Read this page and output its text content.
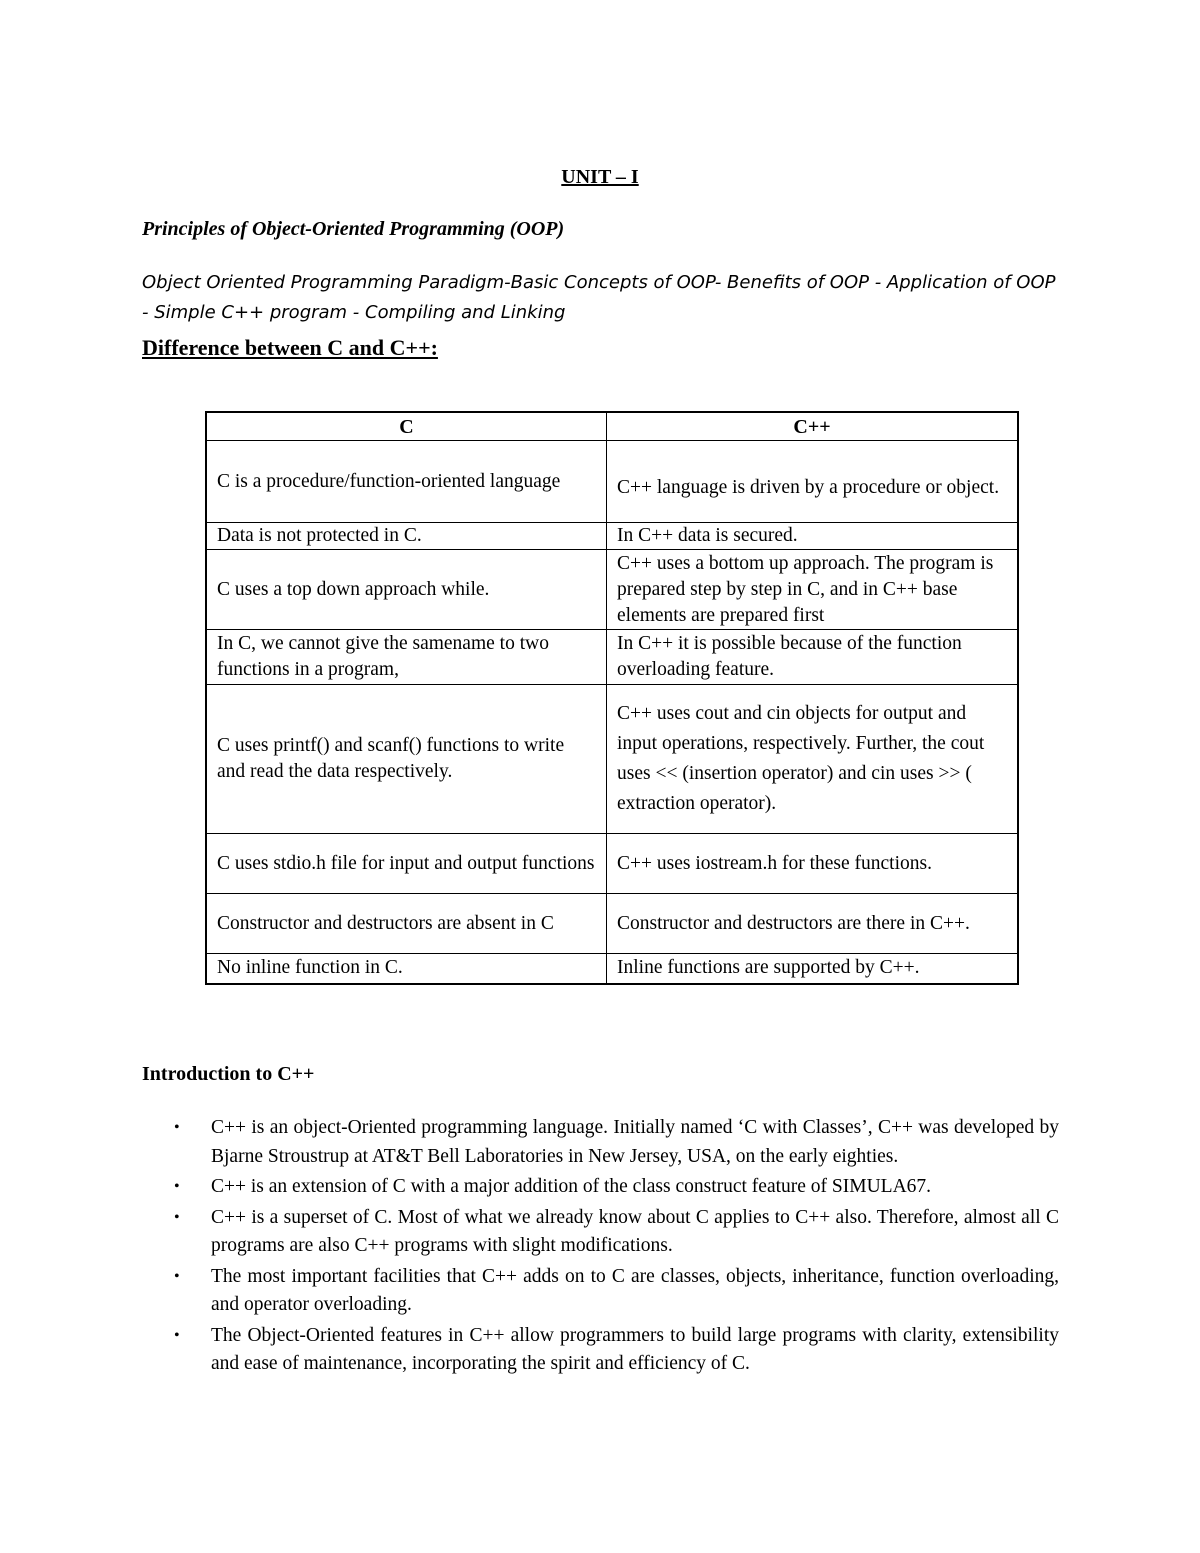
UNIT – I
Principles of Object-Oriented Programming (OOP)
Object Oriented Programming Paradigm-Basic Concepts of OOP- Benefits of OOP - Application of OOP
- Simple C++ program - Compiling and Linking
Difference between C and C++:
C	C++
C is a procedure/function-oriented language	C++ language is driven by a procedure or object.
Data is not protected in C.	In C++ data is secured.
C uses a top down approach while.	C++ uses a bottom up approach. The program is prepared step by step in C, and in C++ base elements are prepared first
In C, we cannot give the samename to two functions in a program,	In C++ it is possible because of the function overloading feature.
C uses printf() and scanf() functions to write and read the data respectively.	C++ uses cout and cin objects for output and input operations, respectively. Further, the cout uses << (insertion operator) and cin uses >> ( extraction operator).
C uses stdio.h file for input and output functions	C++ uses iostream.h for these functions.
Constructor and destructors are absent in C	Constructor and destructors are there in C++.
No inline function in C.	Inline functions are supported by C++.
Introduction to C++
• C++ is an object-Oriented programming language. Initially named ‘C with Classes’, C++ was developed by Bjarne Stroustrup at AT&T Bell Laboratories in New Jersey, USA, on the early eighties.
• C++ is an extension of C with a major addition of the class construct feature of SIMULA67.
• C++ is a superset of C. Most of what we already know about C applies to C++ also. Therefore, almost all C programs are also C++ programs with slight modifications.
• The most important facilities that C++ adds on to C are classes, objects, inheritance, function overloading, and operator overloading.
• The Object-Oriented features in C++ allow programmers to build large programs with clarity, extensibility and ease of maintenance, incorporating the spirit and efficiency of C.
